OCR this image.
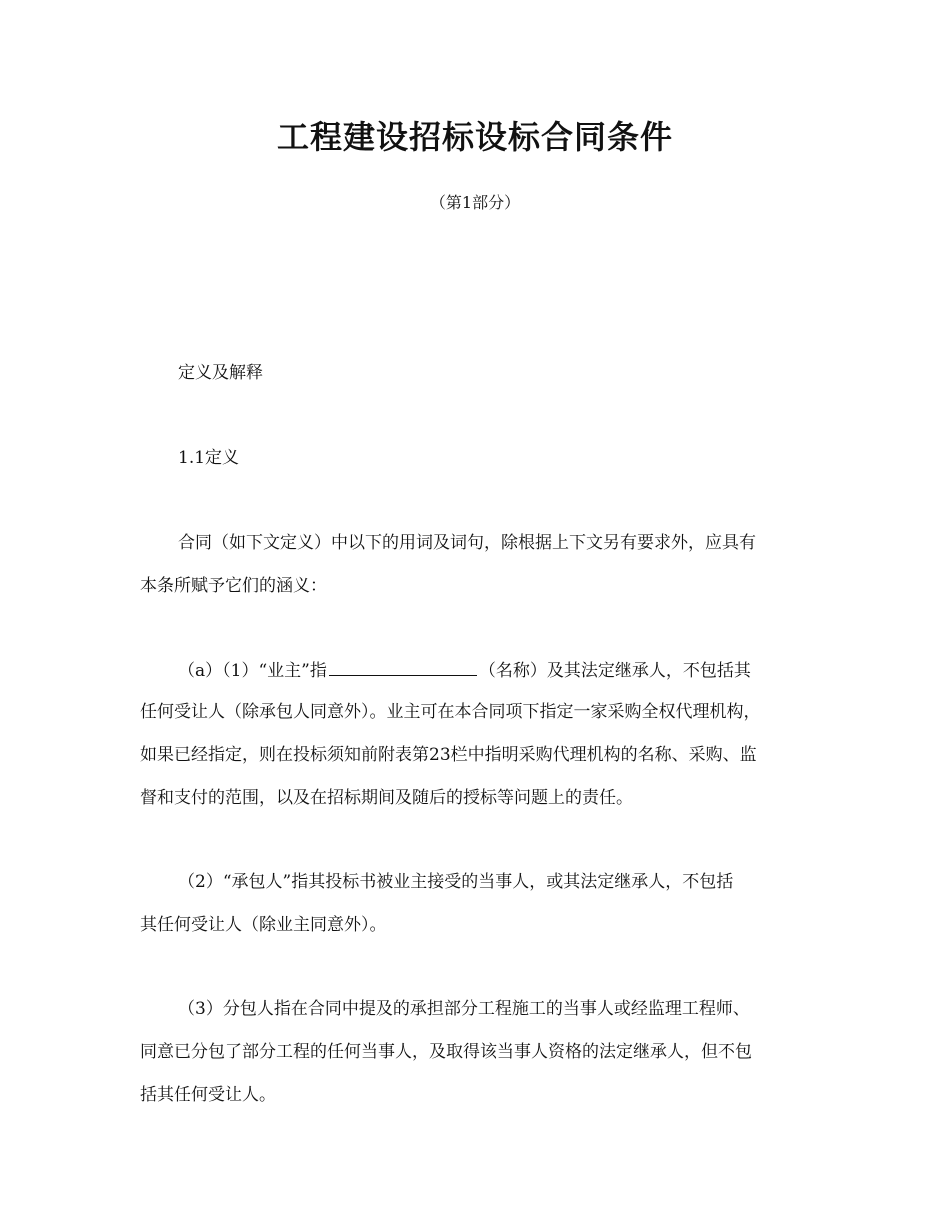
工程建设招标设标合同条件
（第1部分）
定义及解释
1.1定义
合同（如下文定义）中以下的用词及词句，除根据上下文另有要求外，应具有
本条所赋予它们的涵义：
（a）（1）“业主”指	（名称）及其法定继承人，不包括其
任何受让人（除承包人同意外）。业主可在本合同项下指定一家采购全权代理机构，
如果已经指定，则在投标须知前附表第23栏中指明采购代理机构的名称、采购、监
督和支付的范围，以及在招标期间及随后的授标等问题上的责任。
（2）“承包人”指其投标书被业主接受的当事人，或其法定继承人，不包括
其任何受让人（除业主同意外）。
（3）分包人指在合同中提及的承担部分工程施工的当事人或经监理工程师、
同意已分包了部分工程的任何当事人，及取得该当事人资格的法定继承人，但不包
括其任何受让人。
